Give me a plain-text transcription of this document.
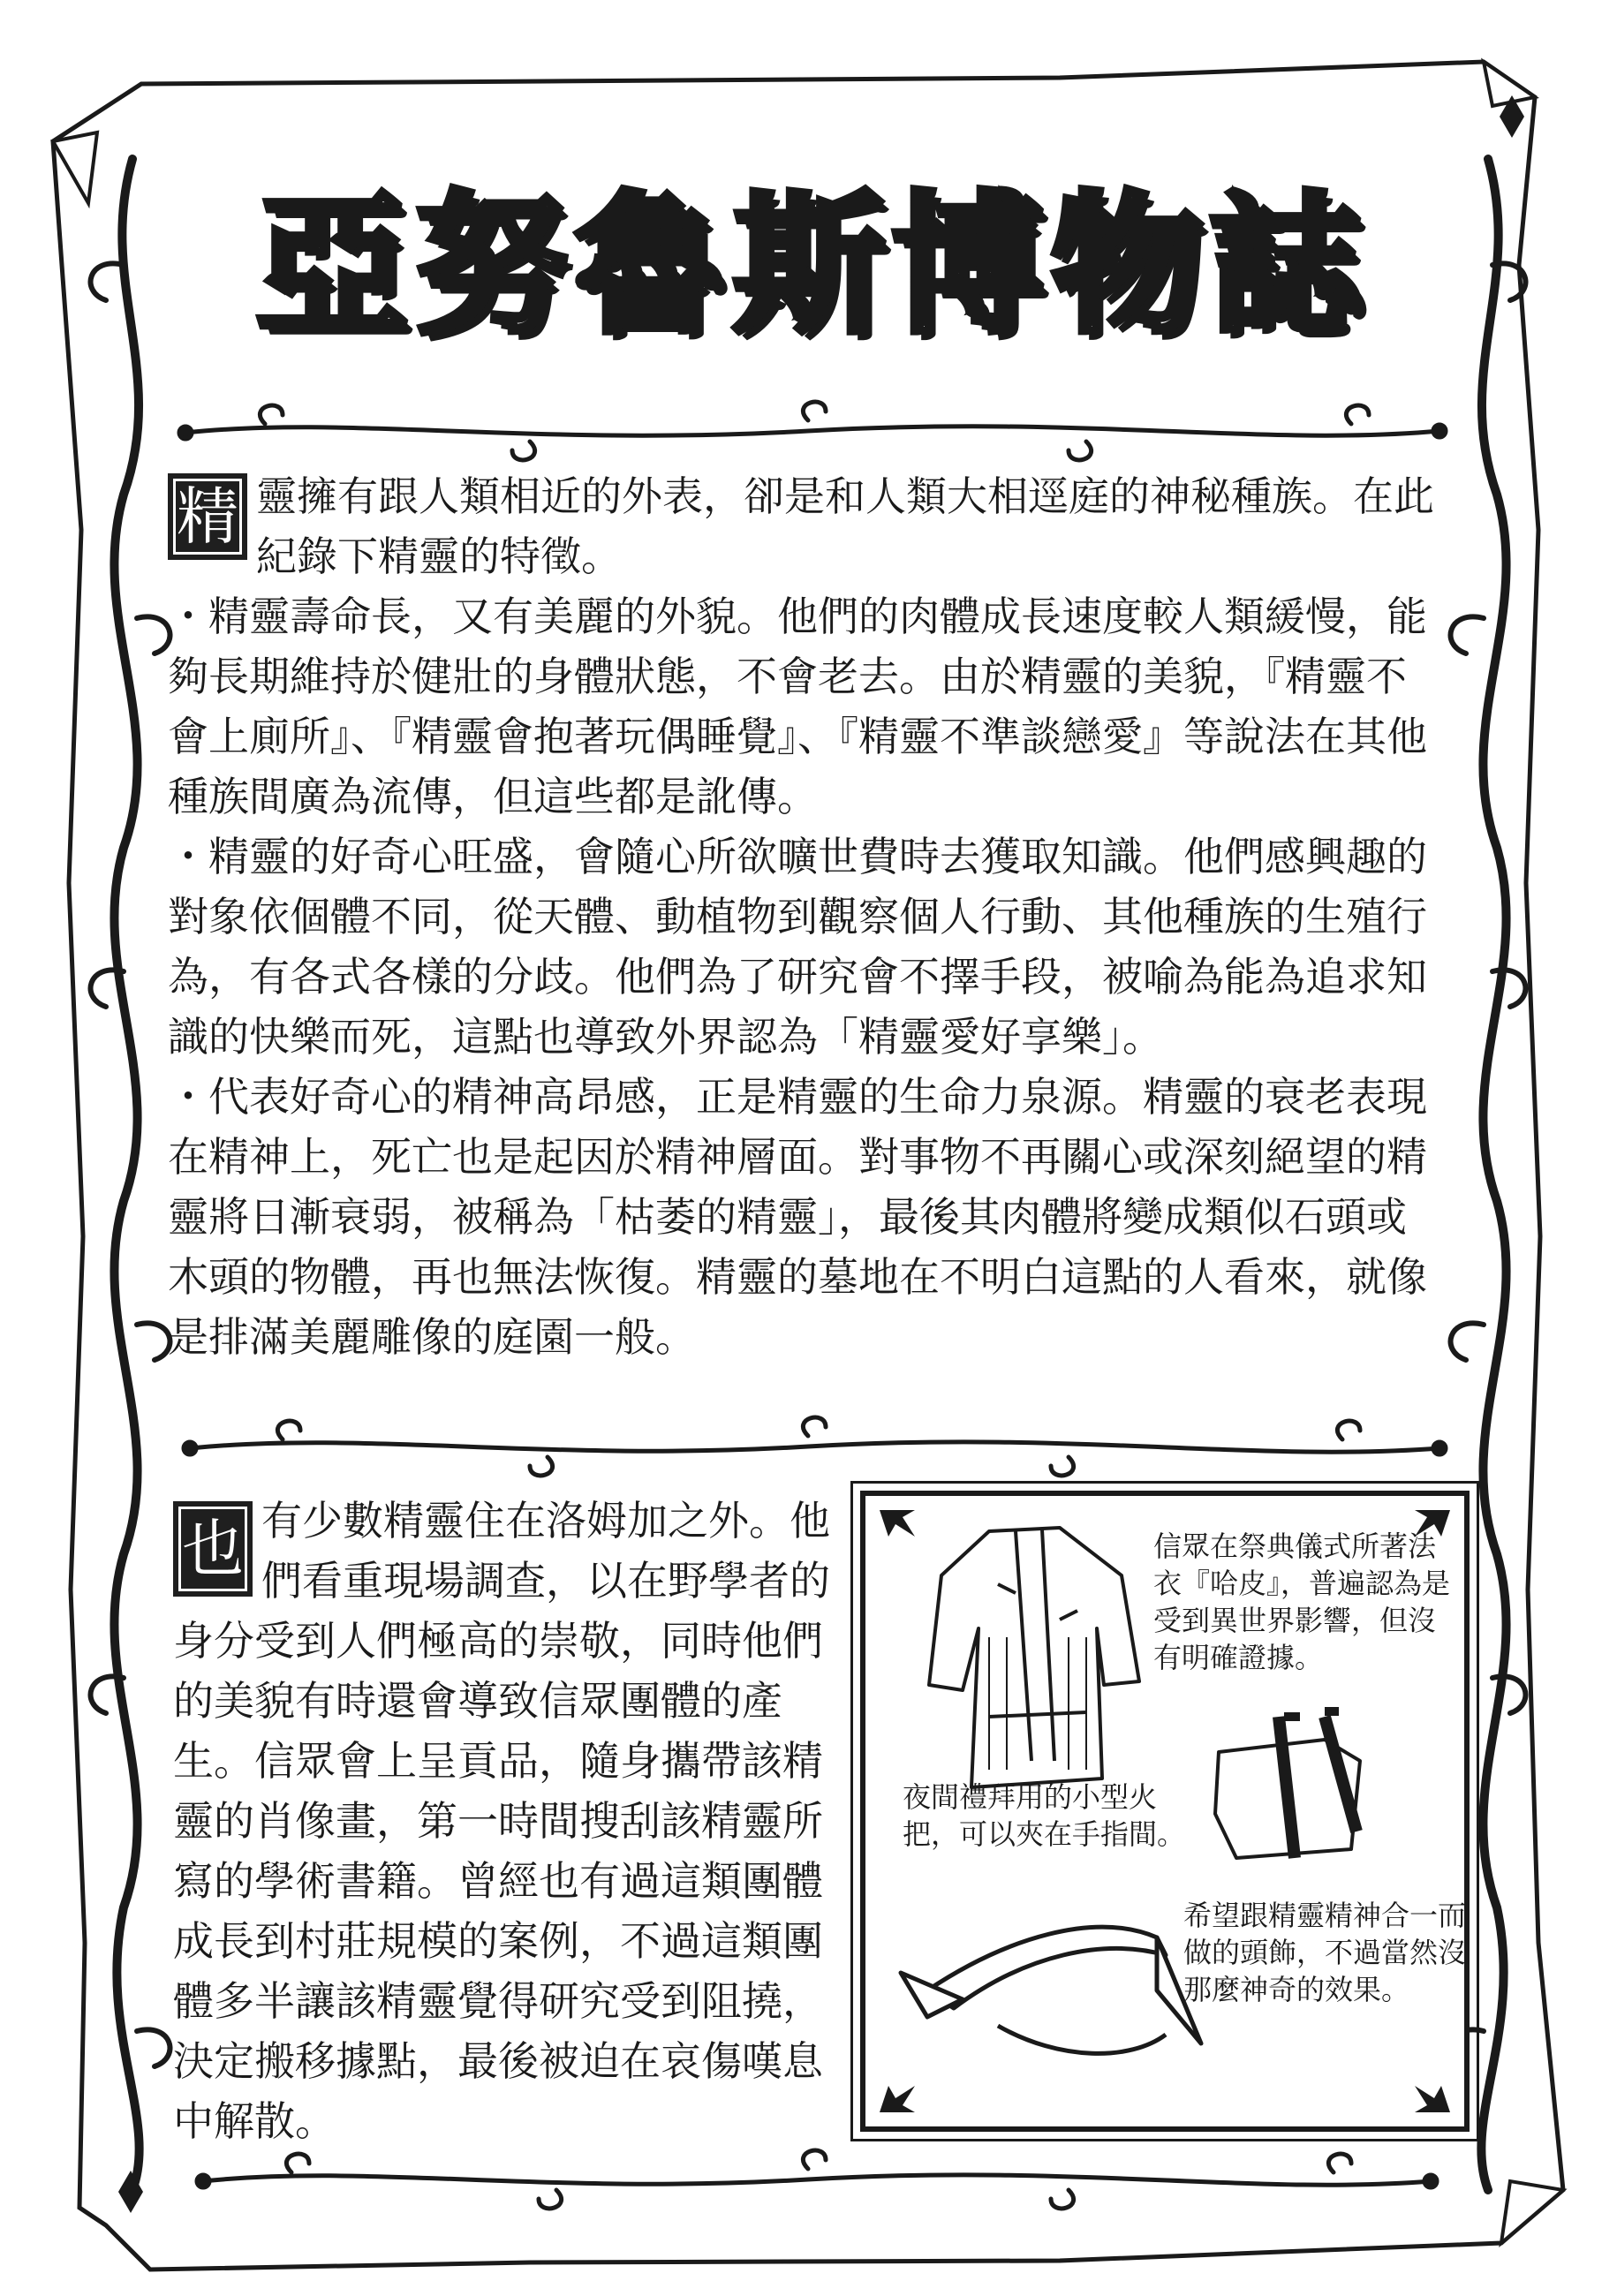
亞努魯斯博物誌
精 靈擁有跟人類相近的外表，卻是和人類大相逕庭的神秘種族。在此紀錄下精靈的特徵。

・精靈壽命長，又有美麗的外貌。他們的肉體成長速度較人類緩慢，能夠長期維持於健壯的身體狀態，不會老去。由於精靈的美貌，『精靈不會上廁所』、『精靈會抱著玩偶睡覺』、『精靈不準談戀愛』等說法在其他種族間廣為流傳，但這些都是訛傳。

・精靈的好奇心旺盛，會隨心所欲曠世費時去獲取知識。他們感興趣的對象依個體不同，從天體、動植物到觀察個人行動、其他種族的生殖行為，有各式各樣的分歧。他們為了研究會不擇手段，被喻為能為追求知識的快樂而死，這點也導致外界認為「精靈愛好享樂」。

・代表好奇心的精神高昂感，正是精靈的生命力泉源。精靈的衰老表現在精神上，死亡也是起因於精神層面。對事物不再關心或深刻絕望的精靈將日漸衰弱，被稱為「枯萎的精靈」，最後其肉體將變成類似石頭或木頭的物體，再也無法恢復。精靈的墓地在不明白這點的人看來，就像是排滿美麗雕像的庭園一般。

也 有少數精靈住在洛姆加之外。他們看重現場調查，以在野學者的身分受到人們極高的崇敬，同時他們的美貌有時還會導致信眾團體的產生。信眾會上呈貢品，隨身攜帶該精靈的肖像畫，第一時間搜刮該精靈所寫的學術書籍。曾經也有過這類團體成長到村莊規模的案例，不過這類團體多半讓該精靈覺得研究受到阻撓，決定搬移據點，最後被迫在哀傷嘆息中解散。

信眾在祭典儀式所著法衣『哈皮』，普遍認為是受到異世界影響，但沒有明確證據。
夜間禮拜用的小型火把，可以夾在手指間。
希望跟精靈精神合一而做的頭飾，不過當然沒那麼神奇的效果。
